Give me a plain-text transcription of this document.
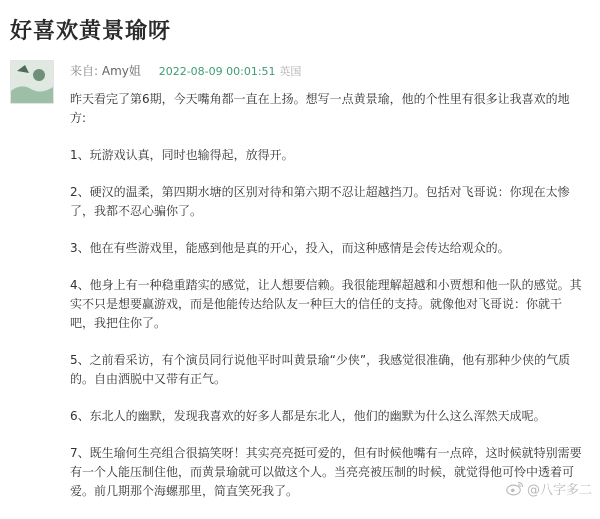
好喜欢黄景瑜呀
来自: Amy姐 2022-08-09 00:01:51 英国

昨天看完了第6期，今天嘴角都一直在上扬。想写一点黄景瑜，他的个性里有很多让我喜欢的地方:

1、玩游戏认真，同时也输得起，放得开。

2、硬汉的温柔，第四期水塘的区别对待和第六期不忍让超越挡刀。包括对飞哥说：你现在太惨了，我都不忍心骗你了。

3、他在有些游戏里，能感到他是真的开心，投入，而这种感情是会传达给观众的。

4、他身上有一种稳重踏实的感觉，让人想要信赖。我很能理解超越和小贾想和他一队的感觉。其实不只是想要赢游戏，而是他能传达给队友一种巨大的信任的支持。就像他对飞哥说：你就干吧，我把住你了。

5、之前看采访，有个演员同行说他平时叫黄景瑜“少侠”，我感觉很准确，他有那种少侠的气质的。自由洒脱中又带有正气。

6、东北人的幽默，发现我喜欢的好多人都是东北人，他们的幽默为什么这么浑然天成呢。

7、既生瑜何生亮组合很搞笑呀！其实亮亮挺可爱的，但有时候他嘴有一点碎，这时候就特别需要有一个人能压制住他，而黄景瑜就可以做这个人。当亮亮被压制的时候，就觉得他可怜中透着可爱。前几期那个海螺那里，简直笑死我了。	@八字多二
